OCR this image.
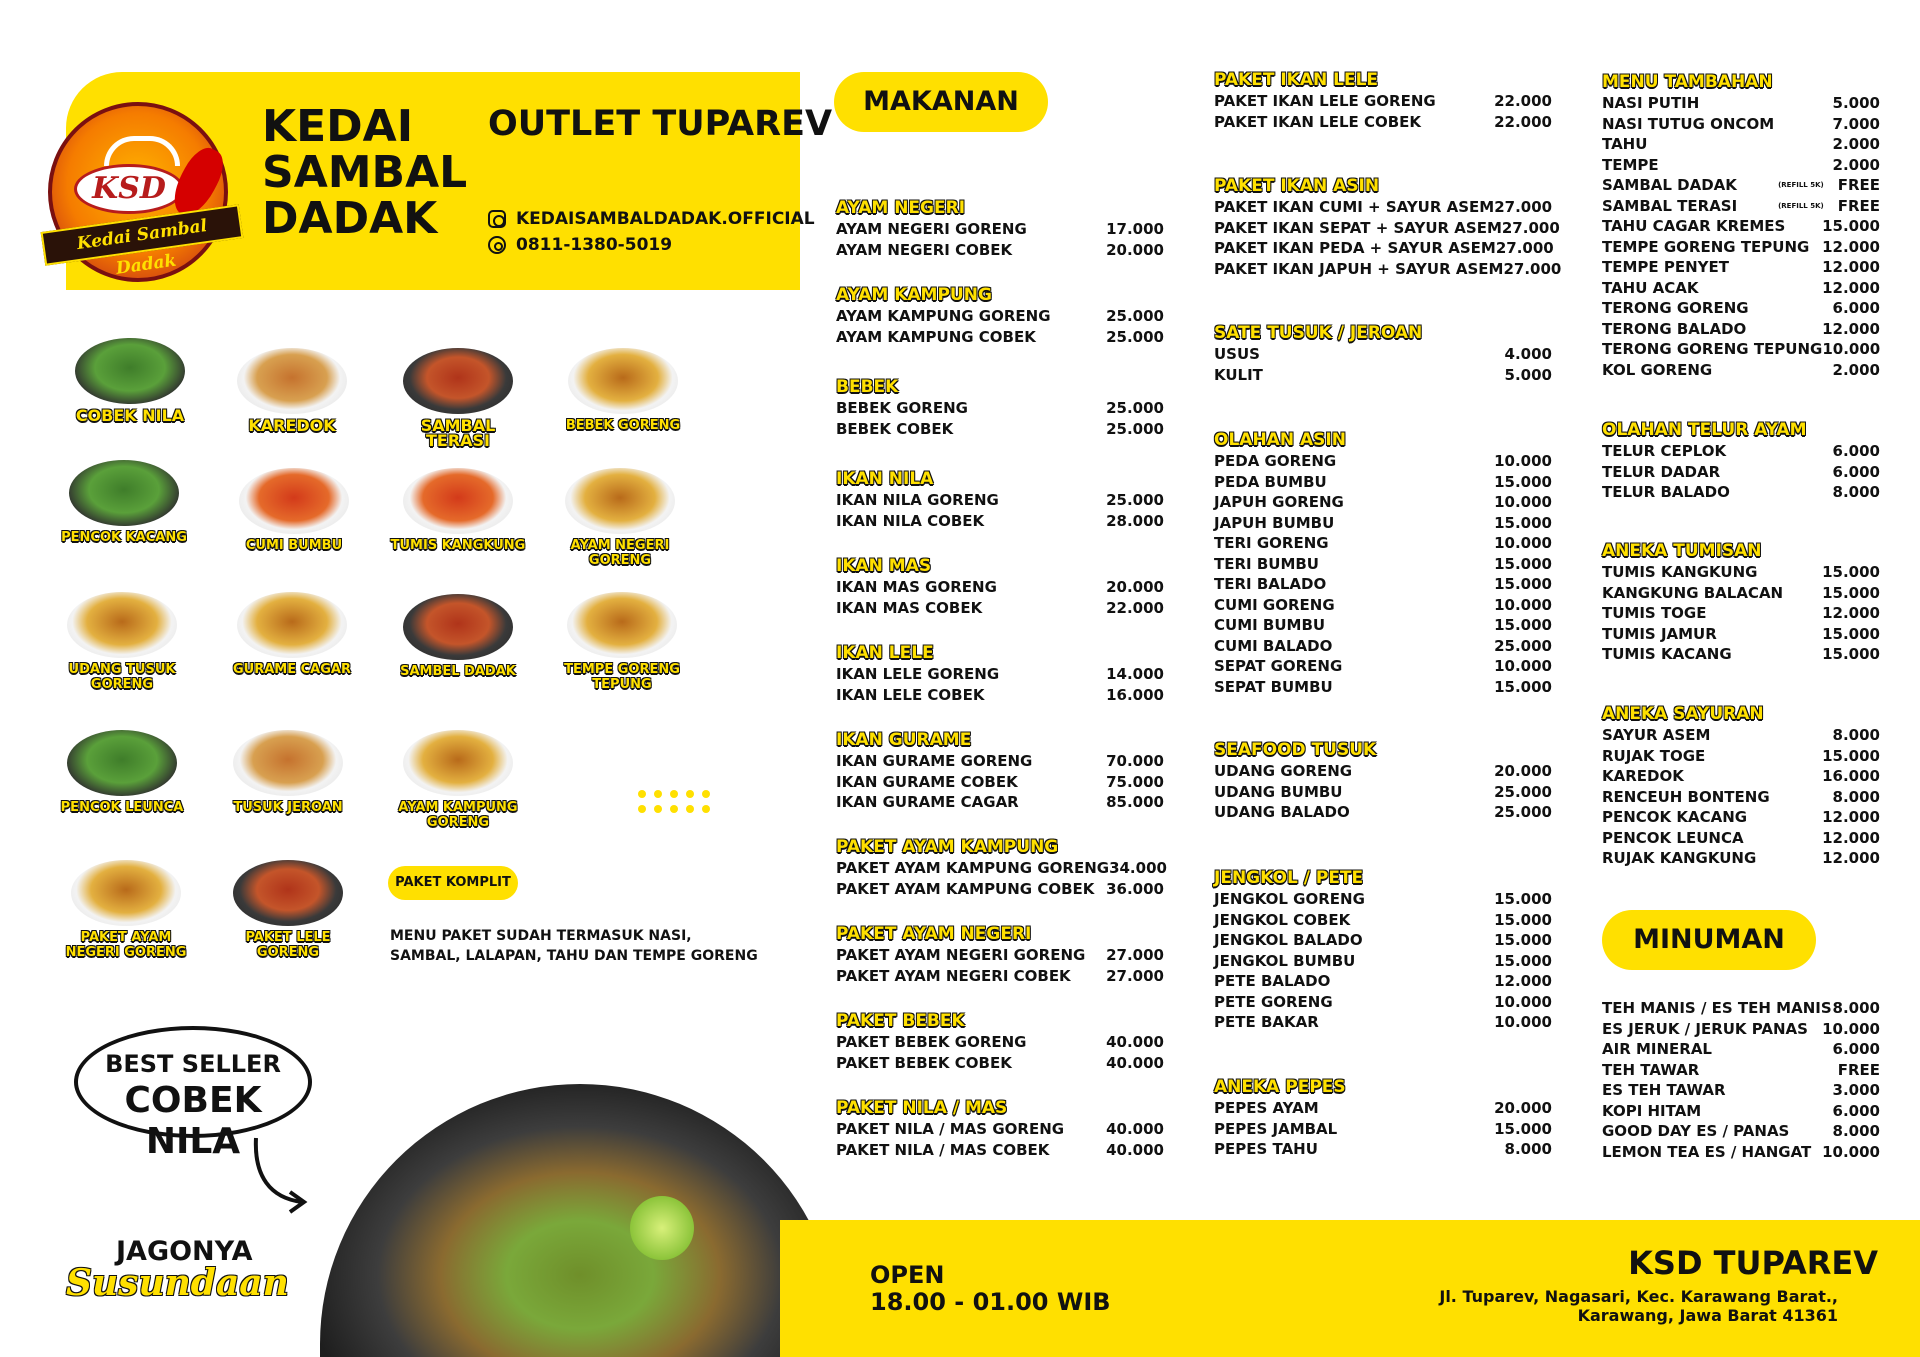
KSD
Kedai Sambal Dadak
KEDAI SAMBAL DADAK
OUTLET TUPAREV
KEDAISAMBALDADAK.OFFICIAL
0811-1380-5019
COBEK NILA
KAREDOK	SAMBAL TERASI
BEBEK GORENG
PENCOK KACANG
CUMI BUMBU	TUMIS KANGKUNG	AYAM NEGERI GORENG
UDANG TUSUK GORENG
GURAME CAGAR	SAMBEL DADAK	TEMPE GORENG TEPUNG
PENCOK LEUNCA	TUSUK JEROAN	AYAM KAMPUNG GORENG
PAKET AYAM NEGERI GORENG
PAKET LELE GORENG
PAKET KOMPLIT
MENU PAKET SUDAH TERMASUK NASI, SAMBAL, LALAPAN, TAHU DAN TEMPE GORENG
BEST SELLER
COBEK NILA
JAGONYA
Susundaan	OPEN
18.00 - 01.00 WIB
KSD TUPAREV
Jl. Tuparev, Nagasari, Kec. Karawang Barat., Karawang, Jawa Barat 41361
MAKANAN
MINUMAN
AYAM NEGERI
AYAM NEGERI GORENG	17.000
AYAM NEGERI COBEK	20.000
AYAM KAMPUNG
AYAM KAMPUNG GORENG	25.000
AYAM KAMPUNG COBEK	25.000
BEBEK
BEBEK GORENG	25.000
BEBEK COBEK	25.000
IKAN NILA
IKAN NILA GORENG	25.000
IKAN NILA COBEK	28.000
IKAN MAS
IKAN MAS GORENG	20.000
IKAN MAS COBEK	22.000
IKAN LELE
IKAN LELE GORENG	14.000
IKAN LELE COBEK	16.000
IKAN GURAME
IKAN GURAME GORENG	70.000
IKAN GURAME COBEK	75.000
IKAN GURAME CAGAR	85.000
PAKET AYAM KAMPUNG
PAKET AYAM KAMPUNG GORENG 34.000
PAKET AYAM KAMPUNG COBEK 36.000
PAKET AYAM NEGERI
PAKET AYAM NEGERI GORENG 27.000
PAKET AYAM NEGERI COBEK 27.000
PAKET BEBEK
PAKET BEBEK GORENG	40.000
PAKET BEBEK COBEK	40.000
PAKET NILA / MAS
PAKET NILA / MAS GORENG	40.000
PAKET NILA / MAS COBEK	40.000
PAKET IKAN LELE
PAKET IKAN LELE GORENG	22.000
PAKET IKAN LELE COBEK	22.000
PAKET IKAN ASIN
PAKET IKAN CUMI + SAYUR ASEM 27.000
PAKET IKAN SEPAT + SAYUR ASEM 27.000
PAKET IKAN PEDA + SAYUR ASEM 27.000
PAKET IKAN JAPUH + SAYUR ASEM 27.000
SATE TUSUK / JEROAN
USUS	4.000
KULIT	5.000
OLAHAN ASIN
PEDA GORENG	10.000
PEDA BUMBU	15.000
JAPUH GORENG	10.000
JAPUH BUMBU	15.000
TERI GORENG	10.000
TERI BUMBU	15.000
TERI BALADO	15.000
CUMI GORENG	10.000
CUMI BUMBU	15.000
CUMI BALADO	25.000
SEPAT GORENG	10.000
SEPAT BUMBU	15.000
SEAFOOD TUSUK
UDANG GORENG	20.000
UDANG BUMBU	25.000
UDANG BALADO	25.000
JENGKOL / PETE
JENGKOL GORENG	15.000
JENGKOL COBEK	15.000
JENGKOL BALADO	15.000
JENGKOL BUMBU	15.000
PETE BALADO	12.000
PETE GORENG	10.000
PETE BAKAR	10.000
ANEKA PEPES
PEPES AYAM	20.000
PEPES JAMBAL	15.000
PEPES TAHU	8.000
MENU TAMBAHAN
NASI PUTIH	5.000
NASI TUTUG ONCOM	7.000
TAHU	2.000
TEMPE	2.000
SAMBAL DADAK	(REFILL 5K) FREE
SAMBAL TERASI	(REFILL 5K) FREE
TAHU CAGAR KREMES 15.000
TEMPE GORENG TEPUNG 12.000
TEMPE PENYET	12.000
TAHU ACAK	12.000
TERONG GORENG	6.000
TERONG BALADO	12.000
TERONG GORENG TEPUNG 10.000
KOL GORENG	2.000
OLAHAN TELUR AYAM
TELUR CEPLOK	6.000
TELUR DADAR	6.000
TELUR BALADO	8.000
ANEKA TUMISAN
TUMIS KANGKUNG	15.000
KANGKUNG BALACAN	15.000
TUMIS TOGE	12.000
TUMIS JAMUR	15.000
TUMIS KACANG	15.000
ANEKA SAYURAN
SAYUR ASEM	8.000
RUJAK TOGE	15.000
KAREDOK	16.000
RENCEUH BONTENG	8.000
PENCOK KACANG	12.000
PENCOK LEUNCA	12.000
RUJAK KANGKUNG	12.000
TEH MANIS / ES TEH MANIS 8.000
ES JERUK / JERUK PANAS 10.000
AIR MINERAL	6.000
TEH TAWAR	FREE
ES TEH TAWAR	3.000
KOPI HITAM	6.000
GOOD DAY ES / PANAS	8.000
LEMON TEA ES / HANGAT 10.000
